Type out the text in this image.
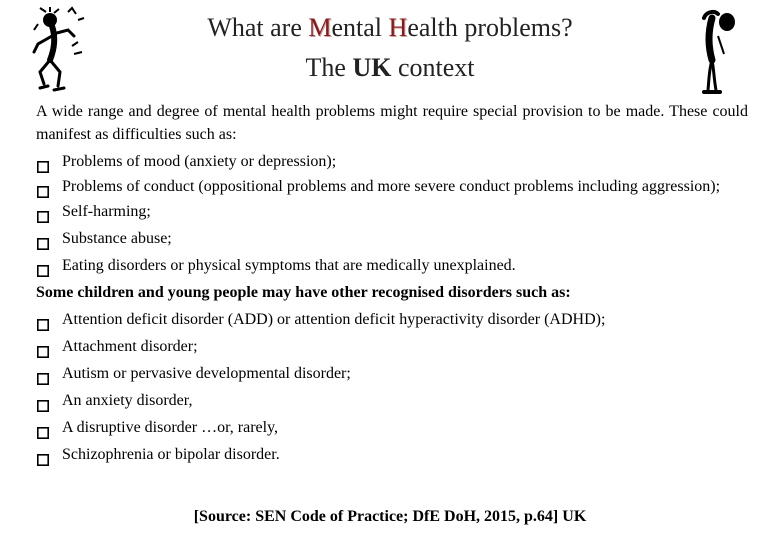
What are Mental Health problems?
The UK context
A wide range and degree of mental health problems might require special provision to be made. These could manifest as difficulties such as:
Problems of mood (anxiety or depression);
Problems of conduct (oppositional problems and more severe conduct problems including aggression);
Self-harming;
Substance abuse;
Eating disorders or physical symptoms that are medically unexplained.
Some children and young people may have other recognised disorders such as:
Attention deficit disorder (ADD) or attention deficit hyperactivity disorder (ADHD);
Attachment disorder;
Autism or pervasive developmental disorder;
An anxiety disorder,
A disruptive disorder …or, rarely,
Schizophrenia or bipolar disorder.
[Source: SEN Code of Practice; DfE DoH, 2015, p.64] UK
